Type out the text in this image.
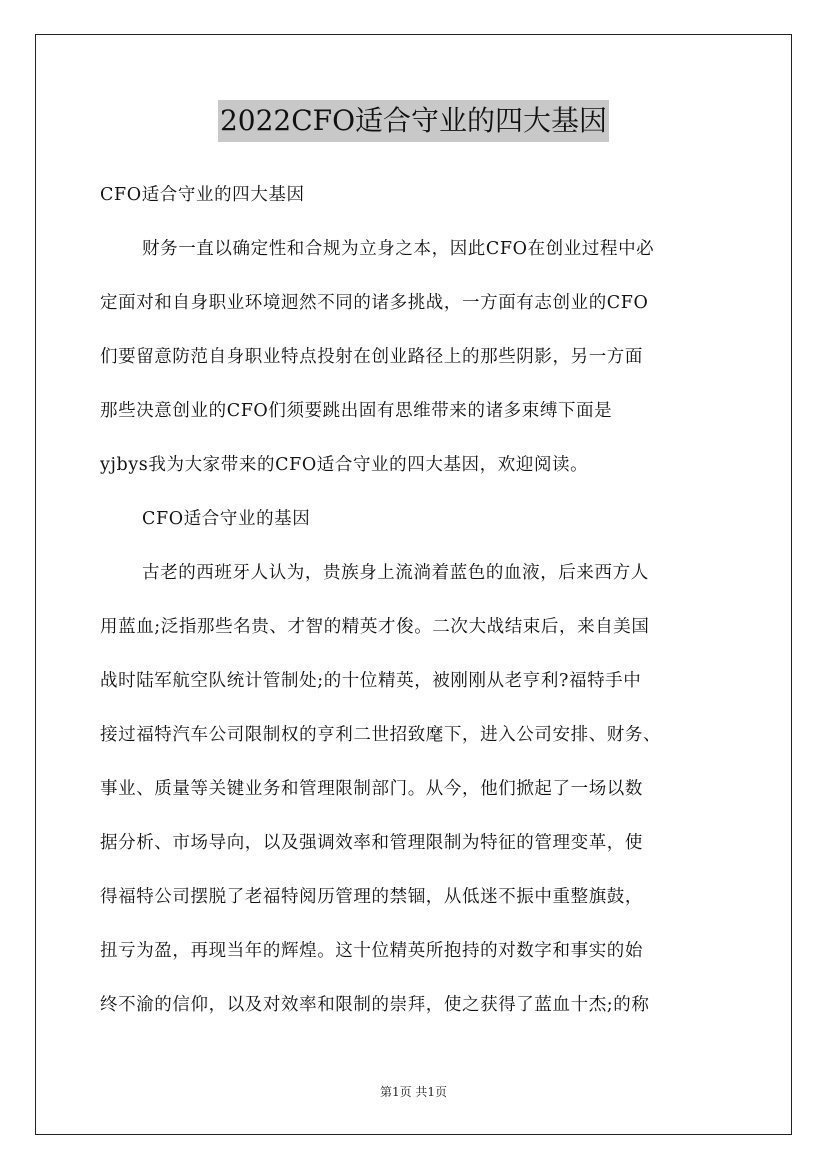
2022CFO适合守业的四大基因
CFO适合守业的四大基因
财务一直以确定性和合规为立身之本，因此CFO在创业过程中必
定面对和自身职业环境迥然不同的诸多挑战，一方面有志创业的CFO
们要留意防范自身职业特点投射在创业路径上的那些阴影，另一方面
那些决意创业的CFO们须要跳出固有思维带来的诸多束缚下面是
yjbys我为大家带来的CFO适合守业的四大基因，欢迎阅读。
CFO适合守业的基因
古老的西班牙人认为，贵族身上流淌着蓝色的血液，后来西方人
用蓝血;泛指那些名贵、才智的精英才俊。二次大战结束后，来自美国
战时陆军航空队统计管制处;的十位精英，被刚刚从老亨利?福特手中
接过福特汽车公司限制权的亨利二世招致麾下，进入公司安排、财务、
事业、质量等关键业务和管理限制部门。从今，他们掀起了一场以数
据分析、市场导向，以及强调效率和管理限制为特征的管理变革，使
得福特公司摆脱了老福特阅历管理的禁锢，从低迷不振中重整旗鼓，
扭亏为盈，再现当年的辉煌。这十位精英所抱持的对数字和事实的始
终不渝的信仰，以及对效率和限制的崇拜，使之获得了蓝血十杰;的称
第1页 共1页
